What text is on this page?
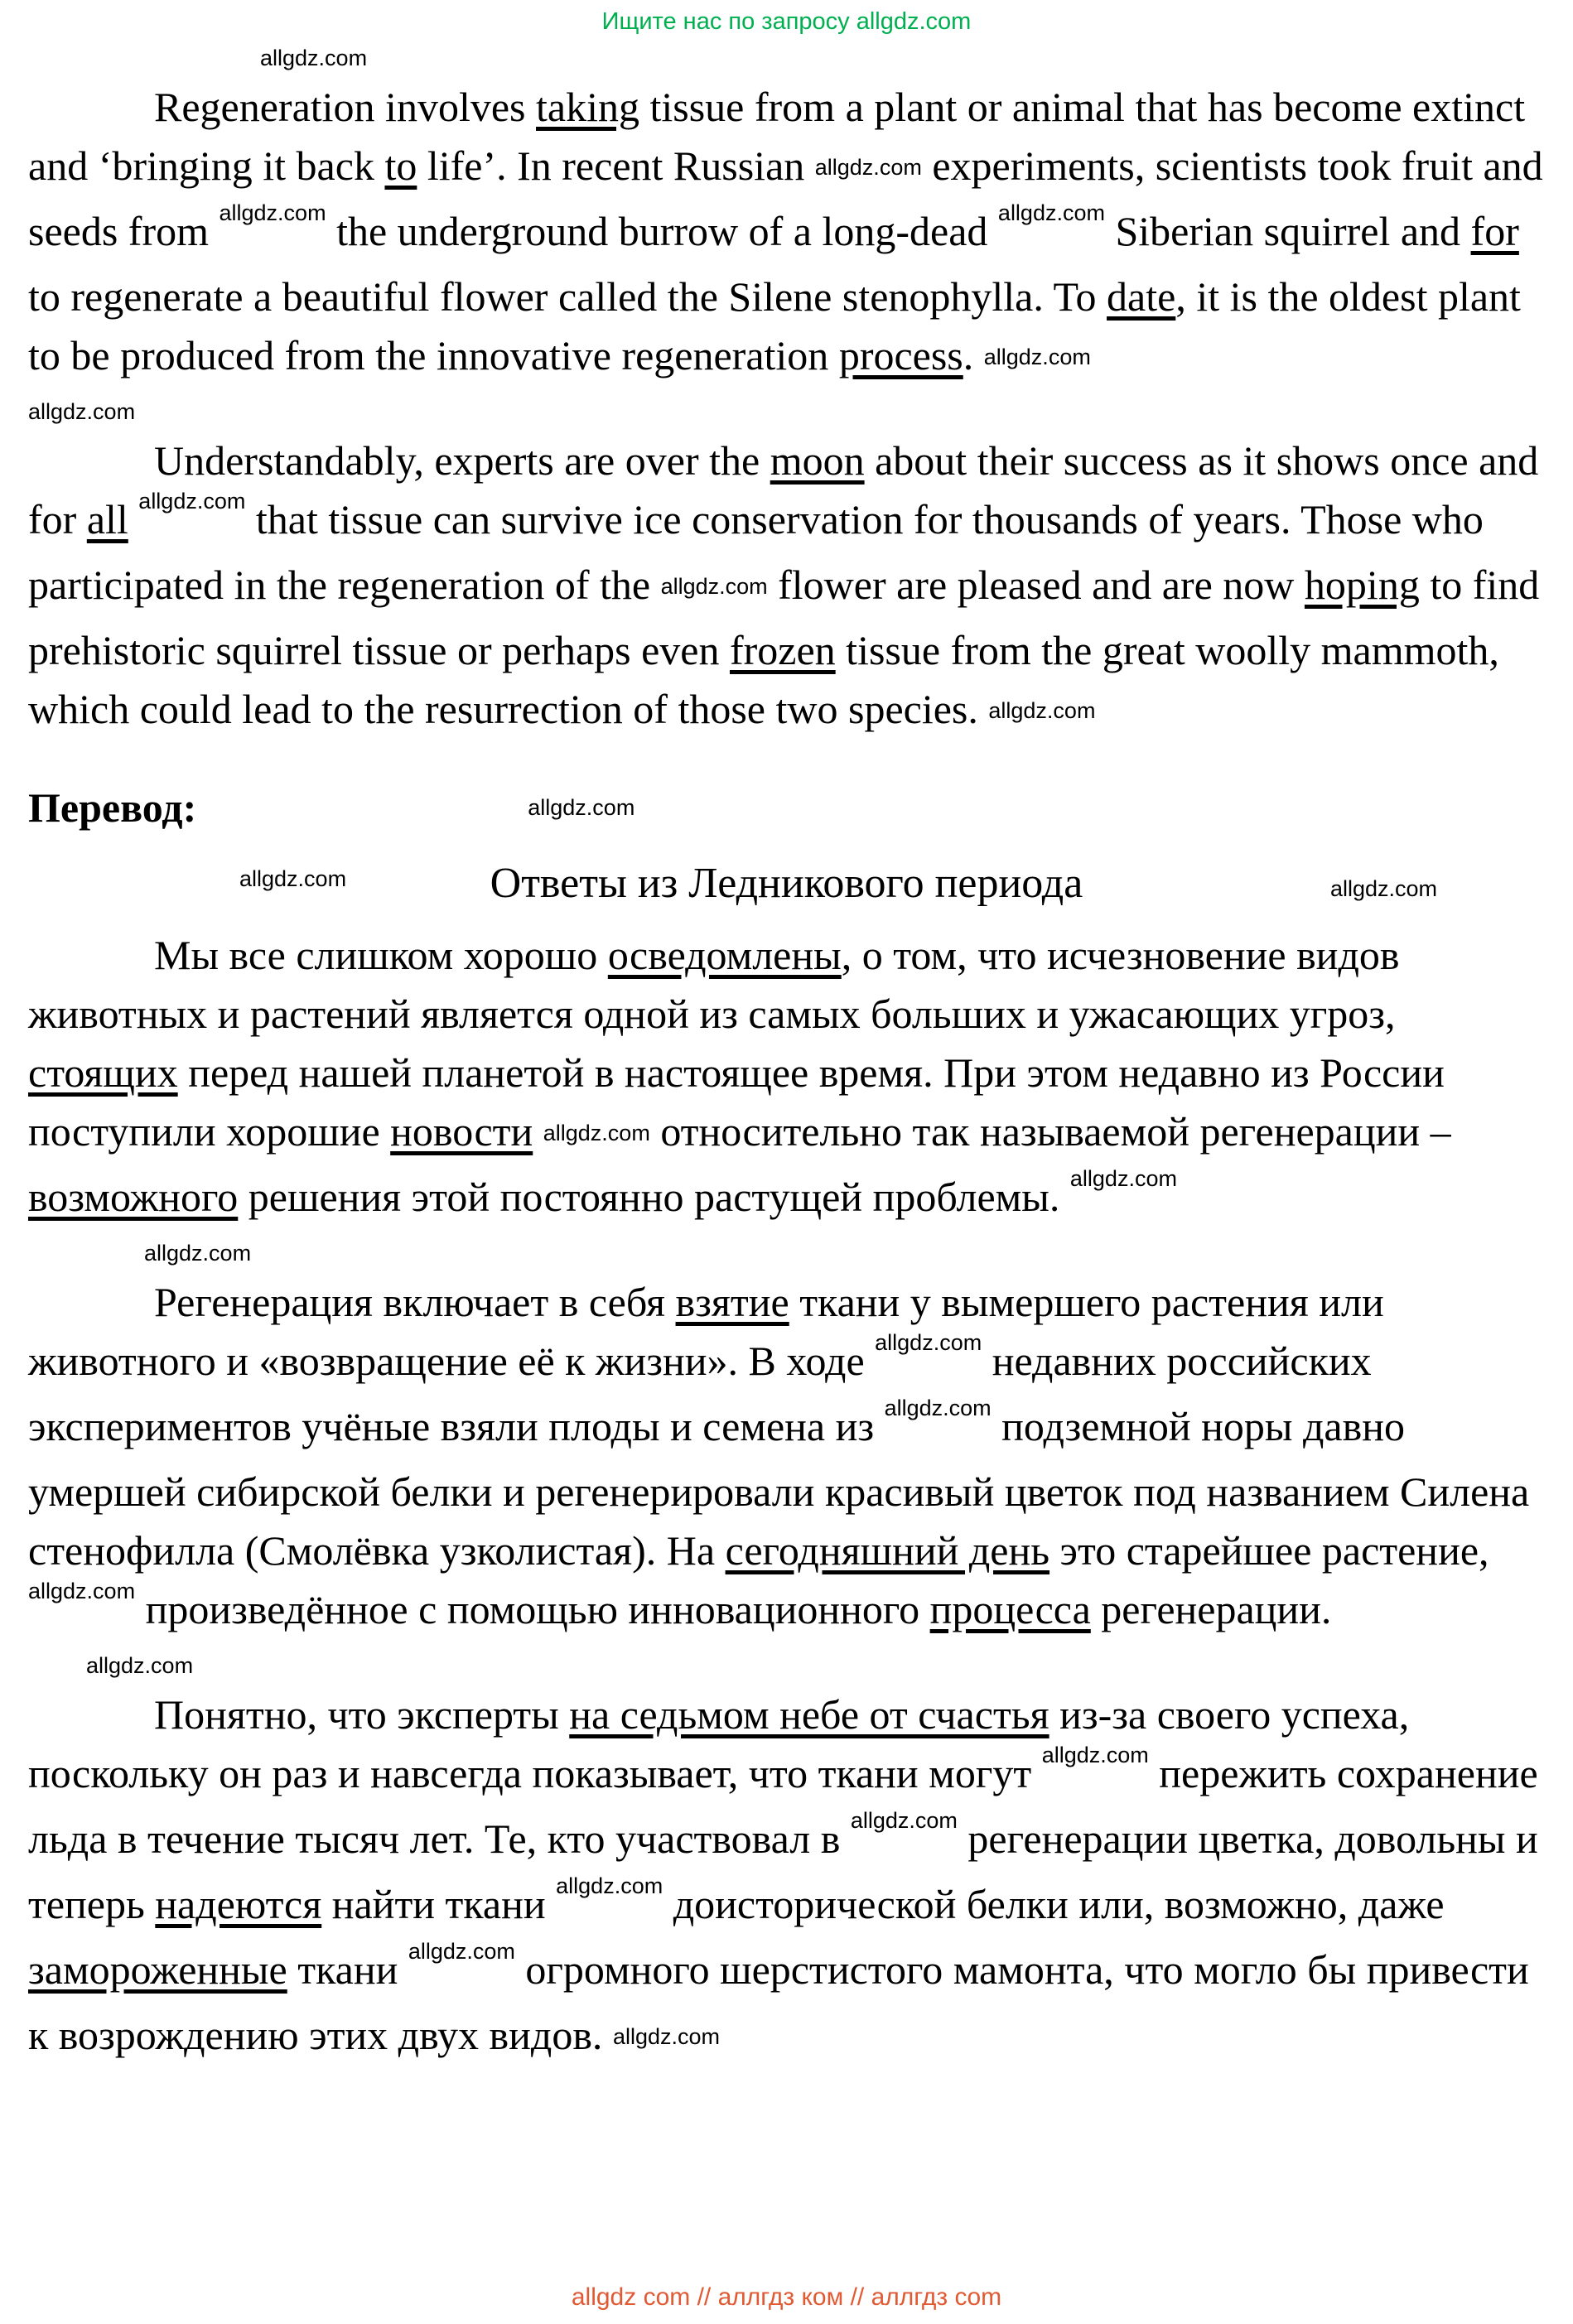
Ищите нас по запросу allgdz.com
allgdz.com

Regeneration involves taking tissue from a plant or animal that has become extinct and ‘bringing it back to life’. In recent Russian allgdz.com experiments, scientists took fruit and seeds from allgdz.com the underground burrow of a long-dead allgdz.com Siberian squirrel and for to regenerate a beautiful flower called the Silene stenophylla. To date, it is the oldest plant to be produced from the innovative regeneration process. allgdz.com

allgdz.com

Understandably, experts are over the moon about their success as it shows once and for all allgdz.com that tissue can survive ice conservation for thousands of years. Those who participated in the regeneration of the allgdz.com flower are pleased and are now hoping to find prehistoric squirrel tissue or perhaps even frozen tissue from the great woolly mammoth, which could lead to the resurrection of those two species. allgdz.com

Перевод:	allgdz.com
Ответы из Ледникового периода	allgdz.com
allgdz.com

Мы все слишком хорошо осведомлены, о том, что исчезновение видов животных и растений является одной из самых больших и ужасающих угроз, стоящих перед нашей планетой в настоящее время. При этом недавно из России поступили хорошие новости allgdz.com относительно так называемой регенерации – возможного решения этой постоянно растущей проблемы. allgdz.com

allgdz.com

Регенерация включает в себя взятие ткани у вымершего растения или животного и «возвращение её к жизни». В ходе allgdz.com недавних российских экспериментов учёные взяли плоды и семена из allgdz.com подземной норы давно умершей сибирской белки и регенерировали красивый цветок под названием Силена стенофилла (Смолёвка узколистая). На сегодняшний день это старейшее растение, allgdz.com произведённое с помощью инновационного процесса регенерации.

allgdz.com

Понятно, что эксперты на седьмом небе от счастья из-за своего успеха, поскольку он раз и навсегда показывает, что ткани могут allgdz.com пережить сохранение льда в течение тысяч лет. Те, кто участвовал в allgdz.com регенерации цветка, довольны и теперь надеются найти ткани allgdz.com доисторической белки или, возможно, даже замороженные ткани allgdz.com огромного шерстистого мамонта, что могло бы привести к возрождению этих двух видов. allgdz.com

allgdz com // аллгдз ком // аллгдз com
